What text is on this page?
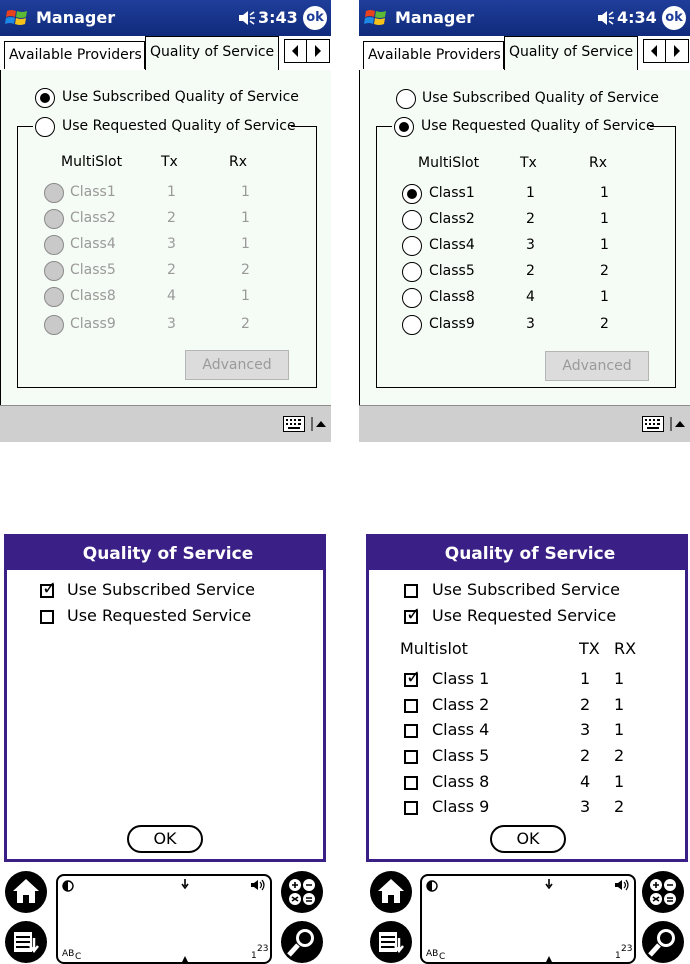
Manager	3:43 ok
Use Subscribed Quality of Service
Use Requested Quality of Service
MultiSlot	Tx	Rx
Class1	1	1
Class2	2	1
Class4	3	1
Class5	2	2
Class8	4	1
Class9	3	2
Advanced
Available Providers Quality of Service
Manager	4:34 ok
Use Subscribed Quality of Service
Use Requested Quality of Service
MultiSlot	Tx	Rx
Class1	1	1
Class2	2	1
Class4	3	1
Class5	2	2
Class8	4	1
Class9	3	2
Advanced
Available Providers Quality of Service
Quality of Service
✓
Use Subscribed Service
Use Requested Service
OK
AB C	1
23
Quality of Service
Use Subscribed Service
✓
Use Requested Service
Multislot	TX RX
✓
Class 1	1 1
Class 2	2 1
Class 4	3 1
Class 5	2 2
Class 8	4 1
Class 9	3 2
OK
AB C	1
23
